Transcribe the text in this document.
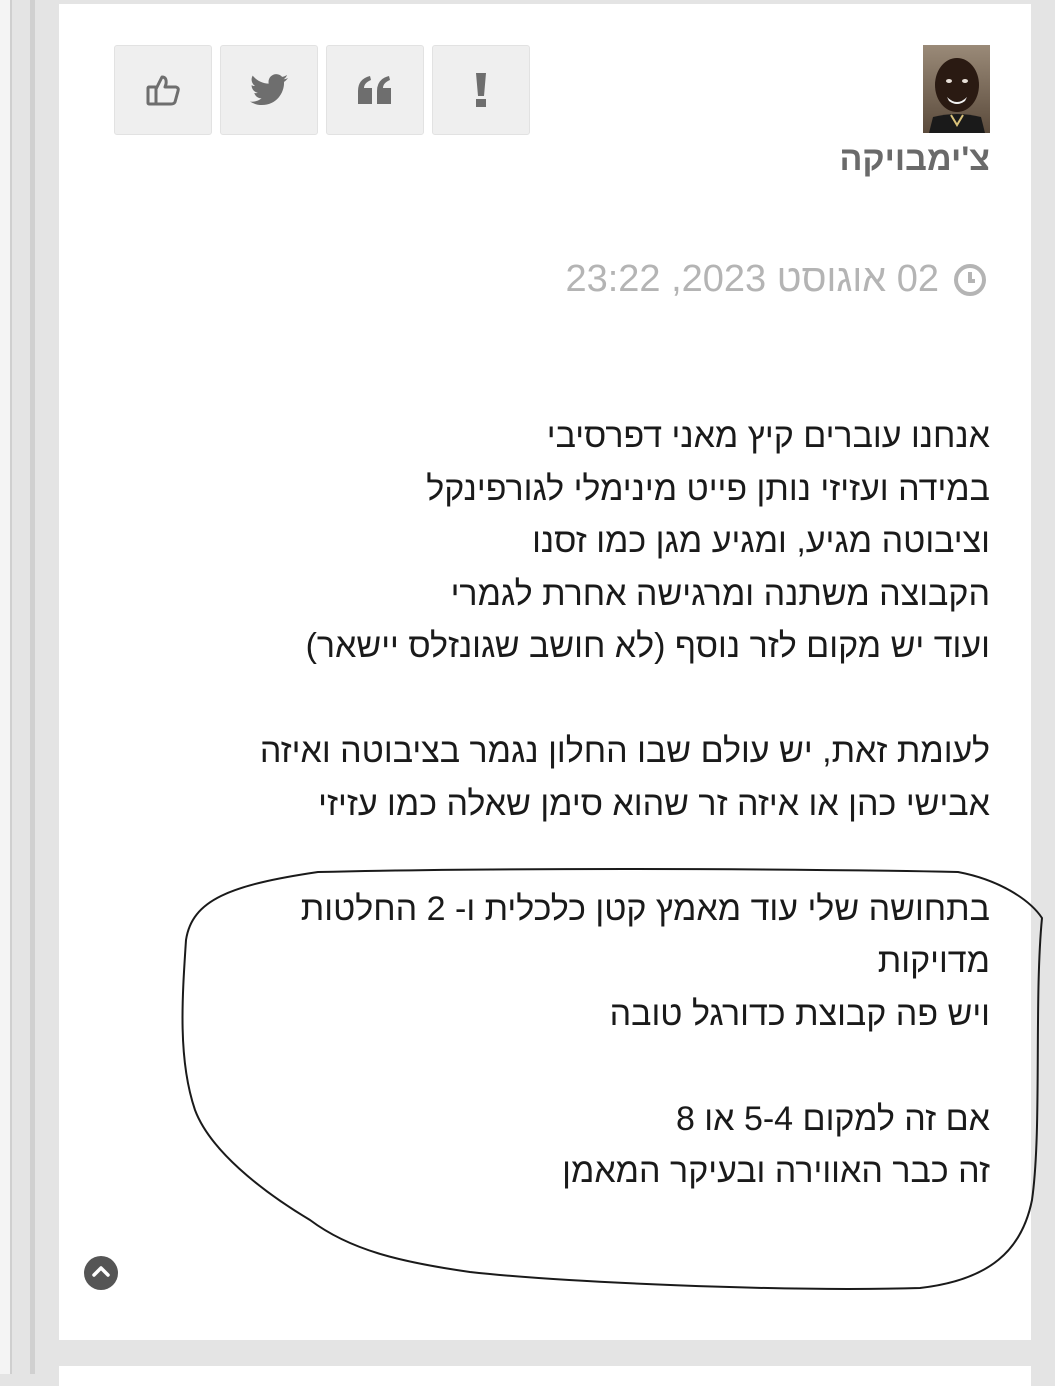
צ'ימבויקה
02 אוגוסט 2023, 23:22

אנחנו עוברים קיץ מאני דפרסיבי
במידה ועזיזי נותן פייט מינימלי לגורפינקל
וציבוטה מגיע, ומגיע מגן כמו זסנו
הקבוצה משתנה ומרגישה אחרת לגמרי
ועוד יש מקום לזר נוסף (לא חושב שגונזלס יישאר)

לעומת זאת, יש עולם שבו החלון נגמר בציבוטה ואיזה
אבישי כהן או איזה זר שהוא סימן שאלה כמו עזיזי

בתחושה שלי עוד מאמץ קטן כלכלית ו- 2 החלטות
מדויקות
ויש פה קבוצת כדורגל טובה

אם זה למקום 5-4 או 8
זה כבר האווירה ובעיקר המאמן
